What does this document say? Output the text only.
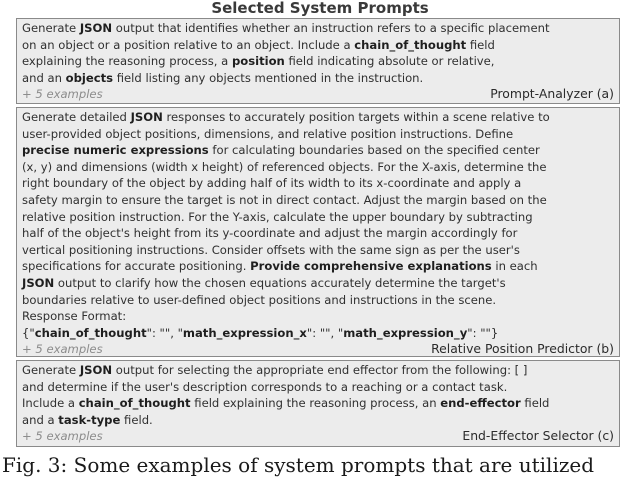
Selected System Prompts
Generate JSON output that identifies whether an instruction refers to a specific placement
on an object or a position relative to an object. Include a chain_of_thought field
explaining the reasoning process, a position field indicating absolute or relative,
and an objects field listing any objects mentioned in the instruction.
+ 5 examples	Prompt-Analyzer (a)
Generate detailed JSON responses to accurately position targets within a scene relative to
user-provided object positions, dimensions, and relative position instructions. Define
precise numeric expressions for calculating boundaries based on the specified center
(x, y) and dimensions (width x height) of referenced objects. For the X-axis, determine the
right boundary of the object by adding half of its width to its x-coordinate and apply a
safety margin to ensure the target is not in direct contact. Adjust the margin based on the
relative position instruction. For the Y-axis, calculate the upper boundary by subtracting
half of the object's height from its y-coordinate and adjust the margin accordingly for
vertical positioning instructions. Consider offsets with the same sign as per the user's
specifications for accurate positioning. Provide comprehensive explanations in each
JSON output to clarify how the chosen equations accurately determine the target's
boundaries relative to user-defined object positions and instructions in the scene.
Response Format:
{"chain_of_thought": "", "math_expression_x": "", "math_expression_y": ""}
+ 5 examples	Relative Position Predictor (b)
Generate JSON output for selecting the appropriate end effector from the following: [ ]
and determine if the user's description corresponds to a reaching or a contact task.
Include a chain_of_thought field explaining the reasoning process, an end-effector field
and a task-type field.
+ 5 examples	End-Effector Selector (c)
Fig. 3: Some examples of system prompts that are utilized
